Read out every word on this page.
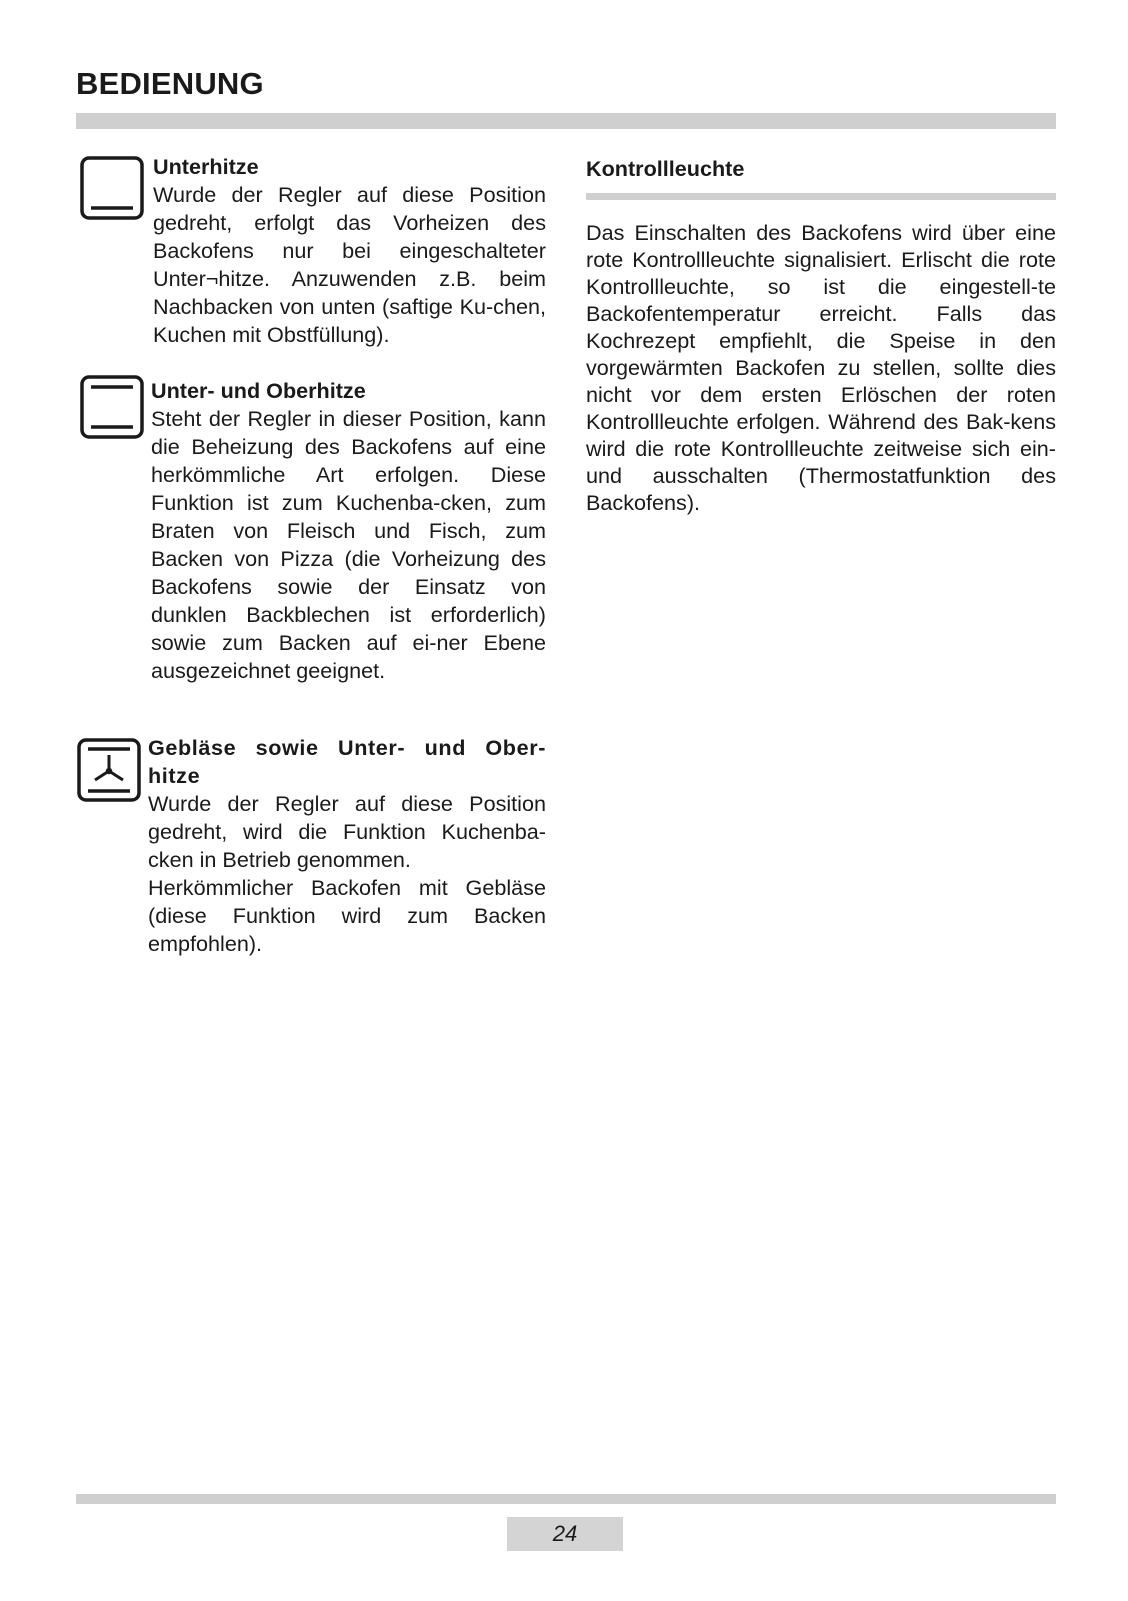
BEDIENUNG
Unterhitze
Wurde der Regler auf diese Position gedreht, erfolgt das Vorheizen des Backofens nur bei eingeschalteter Unter¬hitze. Anzuwenden z.B. beim Nachbacken von unten (saftige Ku-chen, Kuchen mit Obstfüllung).
Unter- und Oberhitze
Steht der Regler in dieser Position, kann die Beheizung des Backofens auf eine herkömmliche Art erfolgen. Diese Funktion ist zum Kuchenba-cken, zum Braten von Fleisch und Fisch, zum Backen von Pizza (die Vorheizung des Backofens sowie der Einsatz von dunklen Backblechen ist erforderlich) sowie zum Backen auf ei-ner Ebene ausgezeichnet geeignet.
Gebläse sowie Unter- und Ober-hitze
Wurde der Regler auf diese Position gedreht, wird die Funktion Kuchenba-cken in Betrieb genommen.
Herkömmlicher Backofen mit Gebläse (diese Funktion wird zum Backen empfohlen).
Kontrollleuchte
Das Einschalten des Backofens wird über eine rote Kontrollleuchte signalisiert. Erlischt die rote Kontrollleuchte, so ist die eingestell-te Backofentemperatur erreicht. Falls das Kochrezept empfiehlt, die Speise in den vorgewärmten Backofen zu stellen, sollte dies nicht vor dem ersten Erlöschen der roten Kontrollleuchte erfolgen. Während des Bak-kens wird die rote Kontrollleuchte zeitweise sich ein- und ausschalten (Thermostatfunktion des Backofens).
24
